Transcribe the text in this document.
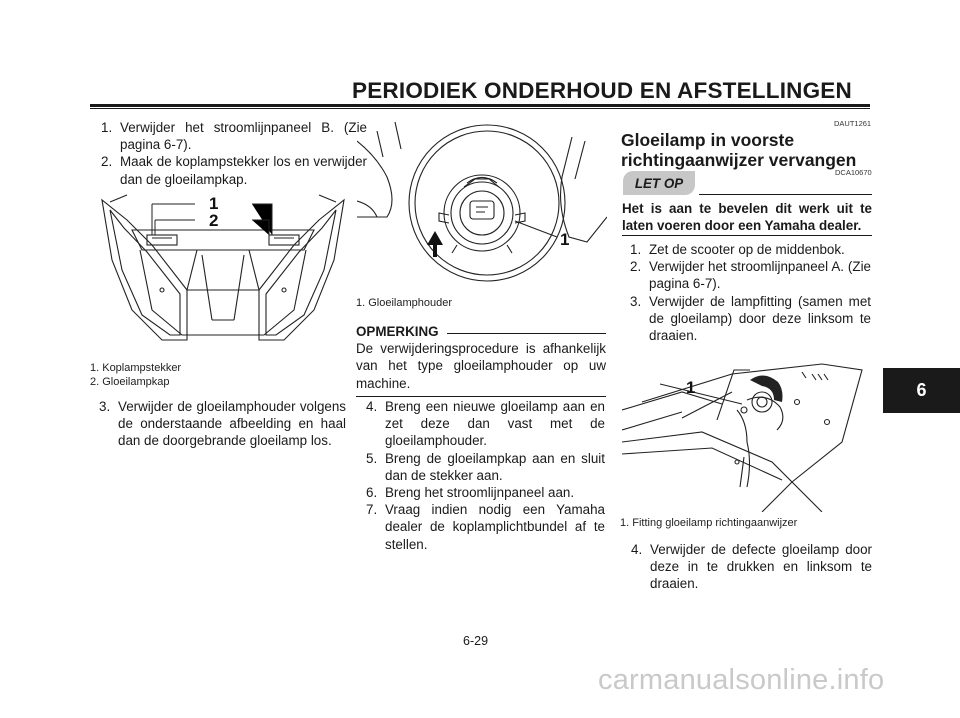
PERIODIEK ONDERHOUD EN AFSTELLINGEN
6
1. Verwijder het stroomlijnpaneel B. (Zie pagina 6-7).
2. Maak de koplampstekker los en verwijder dan de gloeilampkap.
1
2
1. Koplampstekker
2. Gloeilampkap
3. Verwijder de gloeilamphouder volgens de onderstaande afbeelding en haal dan de doorgebrande gloeilamp los.
1
1. Gloeilamphouder
OPMERKING
De verwijderingsprocedure is afhankelijk van het type gloeilamphouder op uw machine.
4. Breng een nieuwe gloeilamp aan en zet deze dan vast met de gloeilamphouder.
5. Breng de gloeilampkap aan en sluit dan de stekker aan.
6. Breng het stroomlijnpaneel aan.
7. Vraag indien nodig een Yamaha dealer de koplamplichtbundel af te stellen.
DAUT1261
Gloeilamp in voorste
richtingaanwijzer vervangen
DCA10670
LET OP
Het is aan te bevelen dit werk uit te laten voeren door een Yamaha dealer.
1. Zet de scooter op de middenbok.
2. Verwijder het stroomlijnpaneel A. (Zie pagina 6-7).
3. Verwijder de lampfitting (samen met de gloeilamp) door deze linksom te draaien.
1
1. Fitting gloeilamp richtingaanwijzer
4. Verwijder de defecte gloeilamp door deze in te drukken en linksom te draaien.
6-29
carmanualsonline.info
